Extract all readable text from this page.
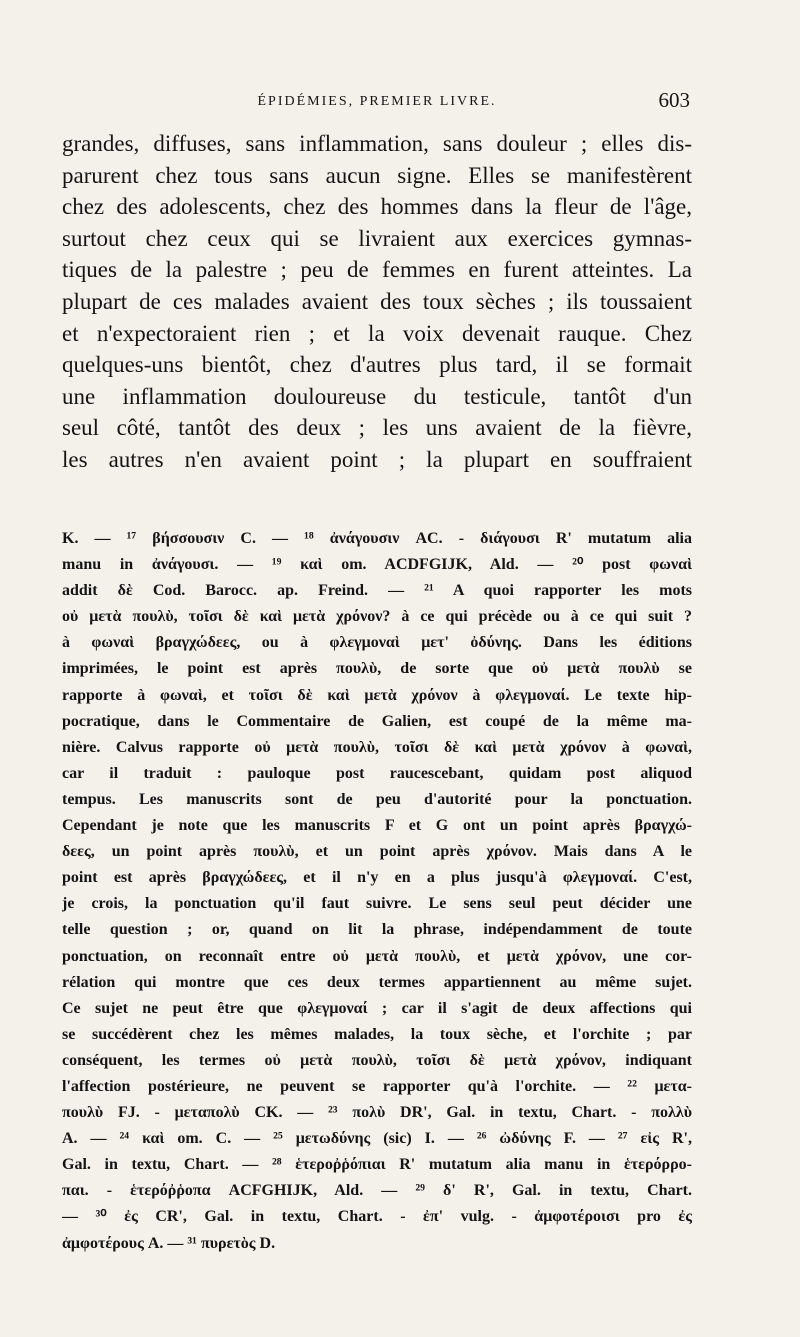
ÉPIDÉMIES, PREMIER LIVRE.	603
grandes, diffuses, sans inflammation, sans douleur ; elles dis-
parurent chez tous sans aucun signe. Elles se manifestèrent
chez des adolescents, chez des hommes dans la fleur de l'âge,
surtout chez ceux qui se livraient aux exercices gymnas-
tiques de la palestre ; peu de femmes en furent atteintes. La
plupart de ces malades avaient des toux sèches ; ils toussaient
et n'expectoraient rien ; et la voix devenait rauque. Chez
quelques-uns bientôt, chez d'autres plus tard, il se formait
une inflammation douloureuse du testicule, tantôt d'un
seul côté, tantôt des deux ; les uns avaient de la fièvre,
les autres n'en avaient point ; la plupart en souffraient
K. — ¹⁷ βήσσουσιν C. — ¹⁸ ἀνάγουσιν AC. - διάγουσι R' mutatum alia
manu in ἀνάγουσι. — ¹⁹ καὶ om. ACDFGIJK, Ald. — ²⁰ post φωναὶ
addit δὲ Cod. Barocc. ap. Freind. — ²¹ A quoi rapporter les mots
οὐ μετὰ πουλὺ, τοῖσι δὲ καὶ μετὰ χρόνον? à ce qui précède ou à ce qui suit ?
à φωναὶ βραγχώδεες, ou à φλεγμοναὶ μετ' ὀδύνης. Dans les éditions
imprimées, le point est après πουλὺ, de sorte que οὐ μετὰ πουλὺ se
rapporte à φωναὶ, et τοῖσι δὲ καὶ μετὰ χρόνον à φλεγμοναί. Le texte hip-
pocratique, dans le Commentaire de Galien, est coupé de la même ma-
nière. Calvus rapporte οὐ μετὰ πουλὺ, τοῖσι δὲ καὶ μετὰ χρόνον à φωναὶ,
car il traduit : pauloque post raucescebant, quidam post aliquod
tempus. Les manuscrits sont de peu d'autorité pour la ponctuation.
Cependant je note que les manuscrits F et G ont un point après βραγχώ-
δεες, un point après πουλὺ, et un point après χρόνον. Mais dans A le
point est après βραγχώδεες, et il n'y en a plus jusqu'à φλεγμοναί. C'est,
je crois, la ponctuation qu'il faut suivre. Le sens seul peut décider une
telle question ; or, quand on lit la phrase, indépendamment de toute
ponctuation, on reconnaît entre οὐ μετὰ πουλὺ, et μετὰ χρόνον, une cor-
rélation qui montre que ces deux termes appartiennent au même sujet.
Ce sujet ne peut être que φλεγμοναί ; car il s'agit de deux affections qui
se succédèrent chez les mêmes malades, la toux sèche, et l'orchite ; par
conséquent, les termes οὐ μετὰ πουλὺ, τοῖσι δὲ μετὰ χρόνον, indiquant
l'affection postérieure, ne peuvent se rapporter qu'à l'orchite. — ²² μετα-
πουλὺ FJ. - μεταπολὺ CK. — ²³ πολὺ DR', Gal. in textu, Chart. - πολλὺ
A. — ²⁴ καὶ om. C. — ²⁵ μετωδύνης (sic) I. — ²⁶ ὠδύνης F. — ²⁷ εἰς R',
Gal. in textu, Chart. — ²⁸ ἑτεροῤῥόπιαι R' mutatum alia manu in ἑτερόρρο-
παι. - ἑτερόῤῥοπα ACFGHIJK, Ald. — ²⁹ δ' R', Gal. in textu, Chart.
— ³⁰ ἐς CR', Gal. in textu, Chart. - ἐπ' vulg. - ἀμφοτέροισι pro ἐς
ἀμφοτέρους A. — ³¹ πυρετὸς D.
